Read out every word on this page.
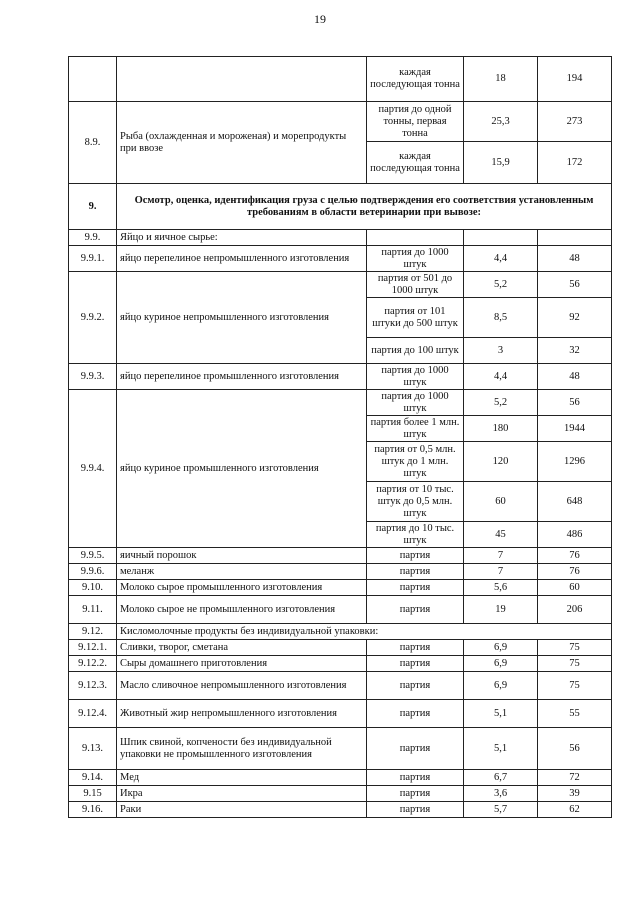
19
		каждая последующая тонна	18	194
8.9.	Рыба (охлажденная и мороженая) и морепродукты при ввозе	партия до одной тонны, первая тонна	25,3	273
		каждая последующая тонна	15,9	172
9.	Осмотр, оценка, идентификация груза с целью подтверждения его соответствия установленным требованиям в области ветеринарии при вывозе:			
9.9.	Яйцо и яичное сырье:			
9.9.1.	яйцо перепелиное непромышленного изготовления	партия до 1000 штук	4,4	48
9.9.2.	яйцо куриное непромышленного изготовления	партия от 501 до 1000 штук	5,2	56
		партия от 101 штуки до 500 штук	8,5	92
		партия до 100 штук	3	32
9.9.3.	яйцо перепелиное промышленного изготовления	партия до 1000 штук	4,4	48
9.9.4.	яйцо куриное промышленного изготовления	партия до 1000 штук	5,2	56
		партия более 1 млн. штук	180	1944
		партия от 0,5 млн. штук до 1 млн. штук	120	1296
		партия от 10 тыс. штук до 0,5 млн. штук	60	648
		партия до 10 тыс. штук	45	486
9.9.5.	яичный порошок	партия	7	76
9.9.6.	меланж	партия	7	76
9.10.	Молоко сырое промышленного изготовления	партия	5,6	60
9.11.	Молоко сырое не промышленного изготовления	партия	19	206
9.12.	Кисломолочные продукты без индивидуальной упаковки:			
9.12.1.	Сливки, творог, сметана	партия	6,9	75
9.12.2.	Сыры домашнего приготовления	партия	6,9	75
9.12.3.	Масло сливочное непромышленного изготовления	партия	6,9	75
9.12.4.	Животный жир непромышленного изготовления	партия	5,1	55
9.13.	Шпик свиной, копчености без индивидуальной упаковки не промышленного изготовления	партия	5,1	56
9.14.	Мед	партия	6,7	72
9.15	Икра	партия	3,6	39
9.16.	Раки	партия	5,7	62
